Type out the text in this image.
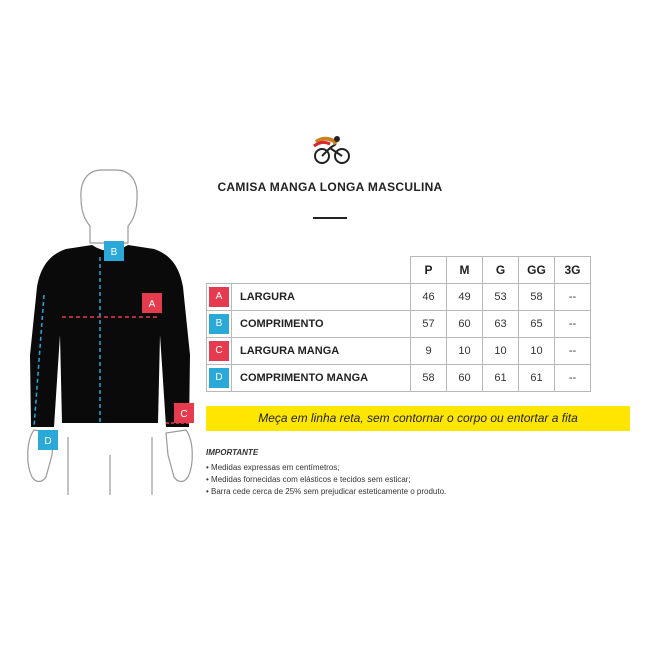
CAMISA MANGA LONGA MASCULINA
B
A
C
D
		P	M	G	GG	3G

A	LARGURA	46	49	53	58	--

B	COMPRIMENTO	57	60	63	65	--

C	LARGURA MANGA	9	10	10	10	--

D	COMPRIMENTO MANGA	58	60	61	61	--
Meça em linha reta, sem contornar o corpo ou entortar a fita
IMPORTANTE
• Medidas expressas em centímetros;
• Medidas fornecidas com elásticos e tecidos sem esticar;
• Barra cede cerca de 25% sem prejudicar esteticamente o produto.
